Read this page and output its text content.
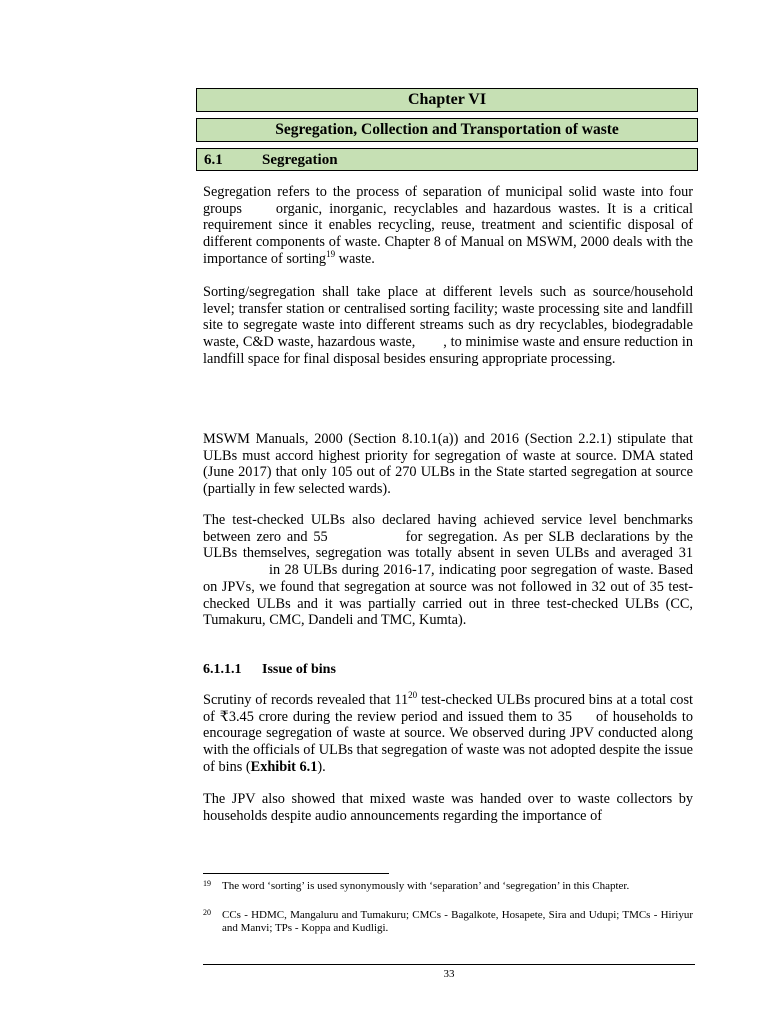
Chapter VI
Segregation, Collection and Transportation of waste
6.1	Segregation

Segregation refers to the process of separation of municipal solid waste into four groups organic, inorganic, recyclables and hazardous wastes. It is a critical requirement since it enables recycling, reuse, treatment and scientific disposal of different components of waste. Chapter 8 of Manual on MSWM, 2000 deals with the importance of sorting$^{19}$ waste.

Sorting/segregation shall take place at different levels such as source/household level; transfer station or centralised sorting facility; waste processing site and landfill site to segregate waste into different streams such as dry recyclables, biodegradable waste, C&D waste, hazardous waste, , to minimise waste and ensure reduction in landfill space for final disposal besides ensuring appropriate processing.

MSWM Manuals, 2000 (Section 8.10.1(a)) and 2016 (Section 2.2.1) stipulate that ULBs must accord highest priority for segregation of waste at source. DMA stated (June 2017) that only 105 out of 270 ULBs in the State started segregation at source (partially in few selected wards).

The test-checked ULBs also declared having achieved service level benchmarks between zero and 55	for segregation. As per SLB declarations by the ULBs themselves, segregation was totally absent in seven ULBs and averaged 31in 28 ULBs during 2016-17, indicating poor segregation of waste. Based on JPVs, we found that segregation at source was not followed in 32 out of 35 test-checked ULBs and it was partially carried out in three test-checked ULBs (CC, Tumakuru, CMC, Dandeli and TMC, Kumta).

6.1.1.1 Issue of bins

Scrutiny of records revealed that $11^{20}$ test-checked ULBs procured bins at a total cost of ₹3.45 crore during the review period and issued them to 35 of households to encourage segregation of waste at source. We observed during JPV conducted along with the officials of ULBs that segregation of waste was not adopted despite the issue of bins (Exhibit 6.1).

The JPV also showed that mixed waste was handed over to waste collectors by households despite audio announcements regarding the importance of

19 The word ‘sorting’ is used synonymously with ‘separation’ and ‘segregation’ in this Chapter.
20 CCs - HDMC, Mangaluru and Tumakuru; CMCs - Bagalkote, Hosapete, Sira and Udupi; TMCs - Hiriyur and Manvi; TPs - Koppa and Kudligi.
33
